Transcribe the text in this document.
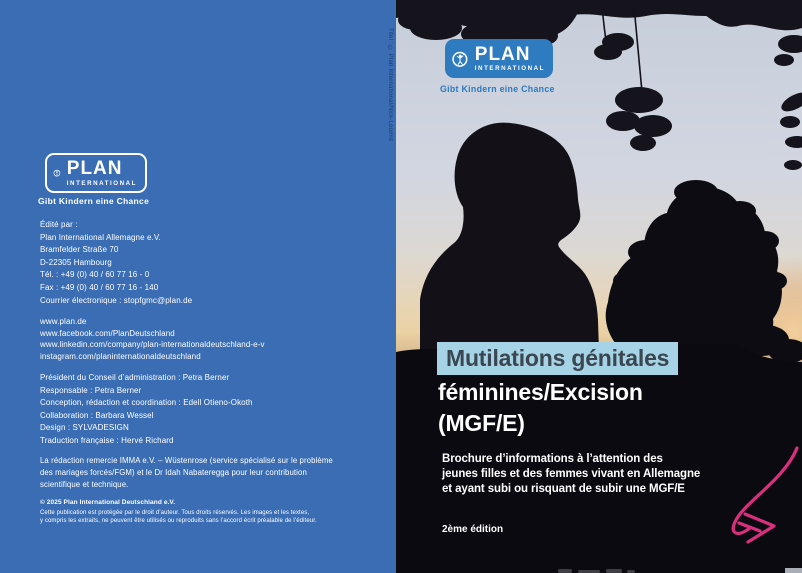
PLAN
INTERNATIONAL
Gibt Kindern eine Chance
Édité par :
Plan International Allemagne e.V.
Bramfelder Straße 70
D-22305 Hambourg
Tél. : +49 (0) 40 / 60 77 16 - 0
Fax : +49 (0) 40 / 60 77 16 - 140
Courrier électronique : stopfgmc@plan.de
www.plan.de
www.facebook.com/PlanDeutschland
www.linkedin.com/company/plan-internationaldeutschland-e-v
instagram.com/planinternationaldeutschland
Président du Conseil d’administration : Petra Berner
Responsable : Petra Berner
Conception, rédaction et coordination : Edell Otieno-Okoth
Collaboration : Barbara Wessel
Design : SYLVADESIGN
Traduction française : Hervé Richard
La rédaction remercie IMMA e.V. – Wüstenrose (service spécialisé sur le problème
des mariages forcés/FGM) et le Dr Idah Nabateregga pour leur contribution
scientifique et technique.
© 2025 Plan International Deutschland e.V.
Cette publication est protégée par le droit d’auteur. Tous droits réservés. Les images et les textes,
y compris les extraits, ne peuvent être utilisés ou reproduits sans l’accord écrit préalable de l’éditeur.
Titel : © Plan International/Nick-Loomis	PLAN
INTERNATIONAL
Gibt Kindern eine Chance
Mutilations génitales
féminines/Excision
(MGF/E)
Brochure d’informations à l’attention des
jeunes filles et des femmes vivant en Allemagne
et ayant subi ou risquant de subir une MGF/E
2ème édition
